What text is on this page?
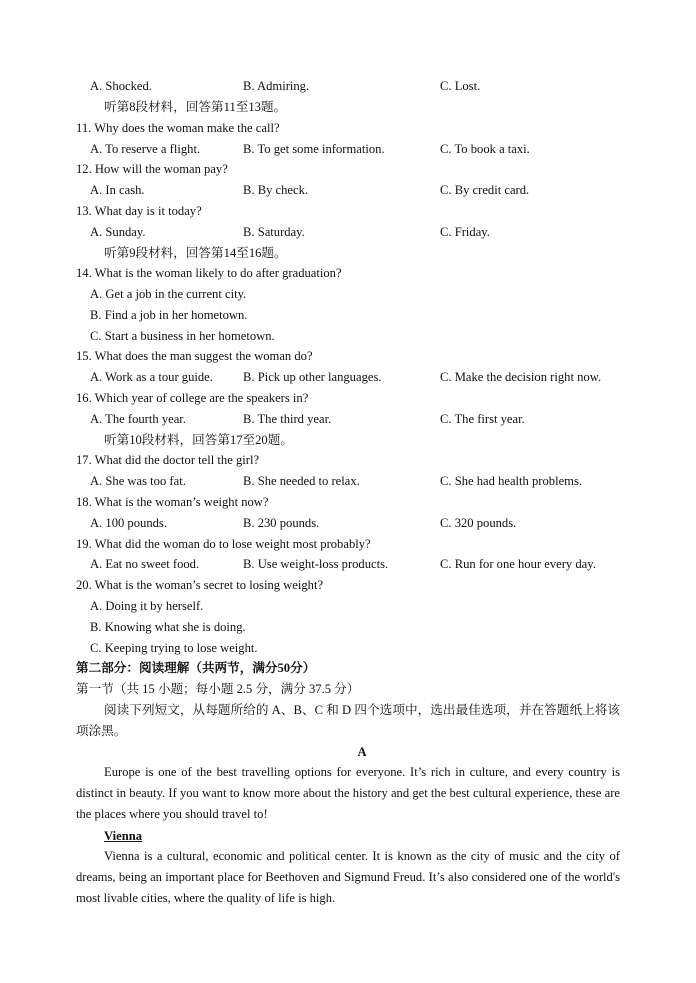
A. Shocked.	B. Admiring.	C. Lost.
听第8段材料，回答第11至13题。
11. Why does the woman make the call?
A. To reserve a flight.	B. To get some information.	C. To book a taxi.
12. How will the woman pay?
A. In cash.	B. By check.	C. By credit card.
13. What day is it today?
A. Sunday.	B. Saturday.	C. Friday.
听第9段材料，回答第14至16题。
14. What is the woman likely to do after graduation?
A. Get a job in the current city.
B. Find a job in her hometown.
C. Start a business in her hometown.
15. What does the man suggest the woman do?
A. Work as a tour guide. B. Pick up other languages.	C. Make the decision right now.
16. Which year of college are the speakers in?
A. The fourth year.	B. The third year.	C. The first year.
听第10段材料，回答第17至20题。
17. What did the doctor tell the girl?
A. She was too fat.	B. She needed to relax.	C. She had health problems.
18. What is the woman’s weight now?
A. 100 pounds.	B. 230 pounds.	C. 320 pounds.
19. What did the woman do to lose weight most probably?
A. Eat no sweet food.	B. Use weight-loss products.	C. Run for one hour every day.
20. What is the woman’s secret to losing weight?
A. Doing it by herself.
B. Knowing what she is doing.
C. Keeping trying to lose weight.
第二部分：阅读理解（共两节，满分50分）
第一节（共 15 小题；每小题 2.5 分，满分 37.5 分）
阅读下列短文，从每题所给的 A、B、C 和 D 四个选项中，选出最佳选项，并在答题纸上将该项涂黑。
A
Europe is one of the best travelling options for everyone. It’s rich in culture, and every country is distinct in beauty. If you want to know more about the history and get the best cultural experience, these are the places where you should travel to!
Vienna
Vienna is a cultural, economic and political center. It is known as the city of music and the city of dreams, being an important place for Beethoven and Sigmund Freud. It’s also considered one of the world's most livable cities, where the quality of life is high.
